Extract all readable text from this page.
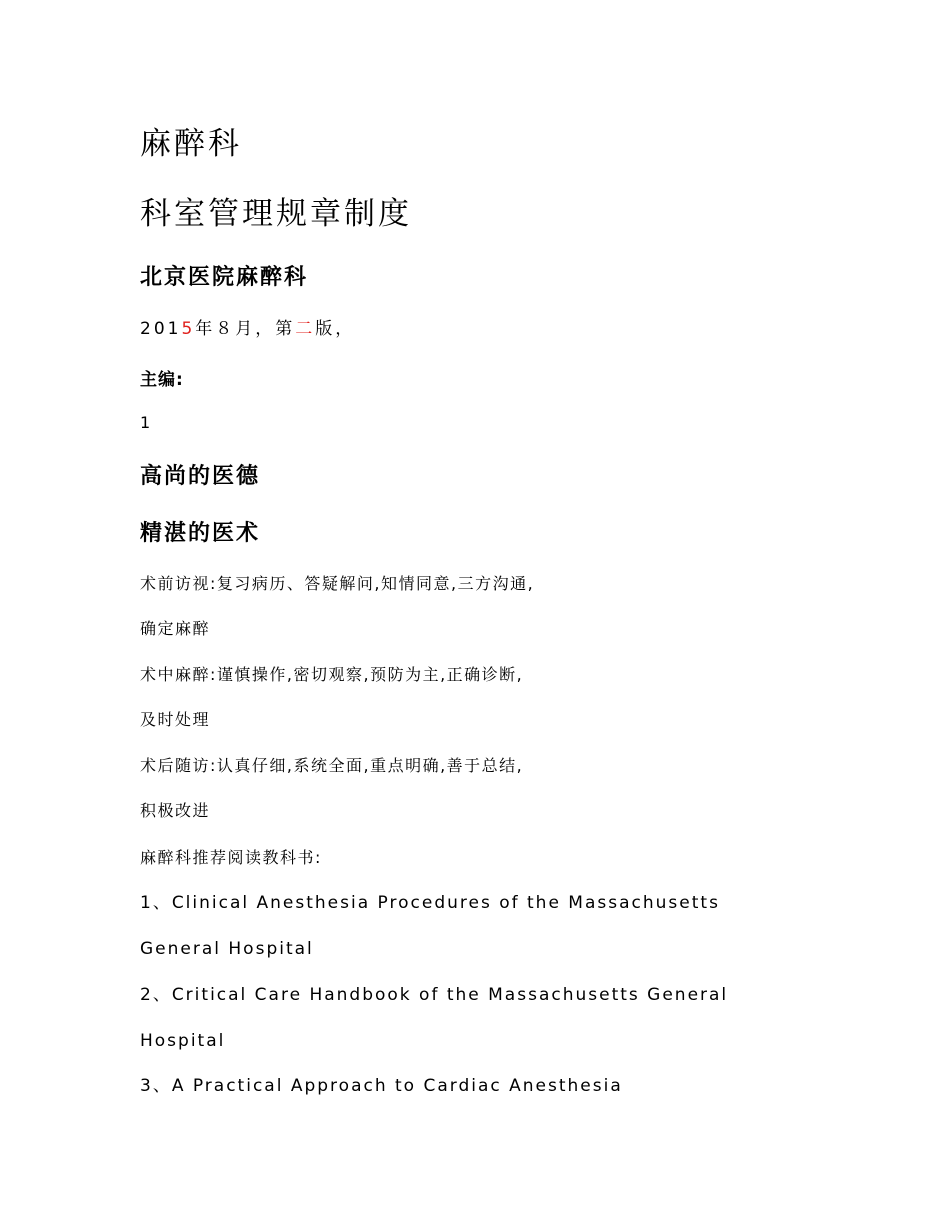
麻醉科
科室管理规章制度
北京医院麻醉科
2015年８月，第二版，
主编:
1
高尚的医德
精湛的医术
术前访视:复习病历、答疑解问,知情同意,三方沟通,
确定麻醉
术中麻醉:谨慎操作,密切观察,预防为主,正确诊断,
及时处理
术后随访:认真仔细,系统全面,重点明确,善于总结,
积极改进
麻醉科推荐阅读教科书:
1、Clinical Anesthesia Procedures of the Massachusetts
General Hospital
2、Critical Care Handbook of the Massachusetts General
Hospital
3、A Practical Approach to Cardiac Anesthesia
